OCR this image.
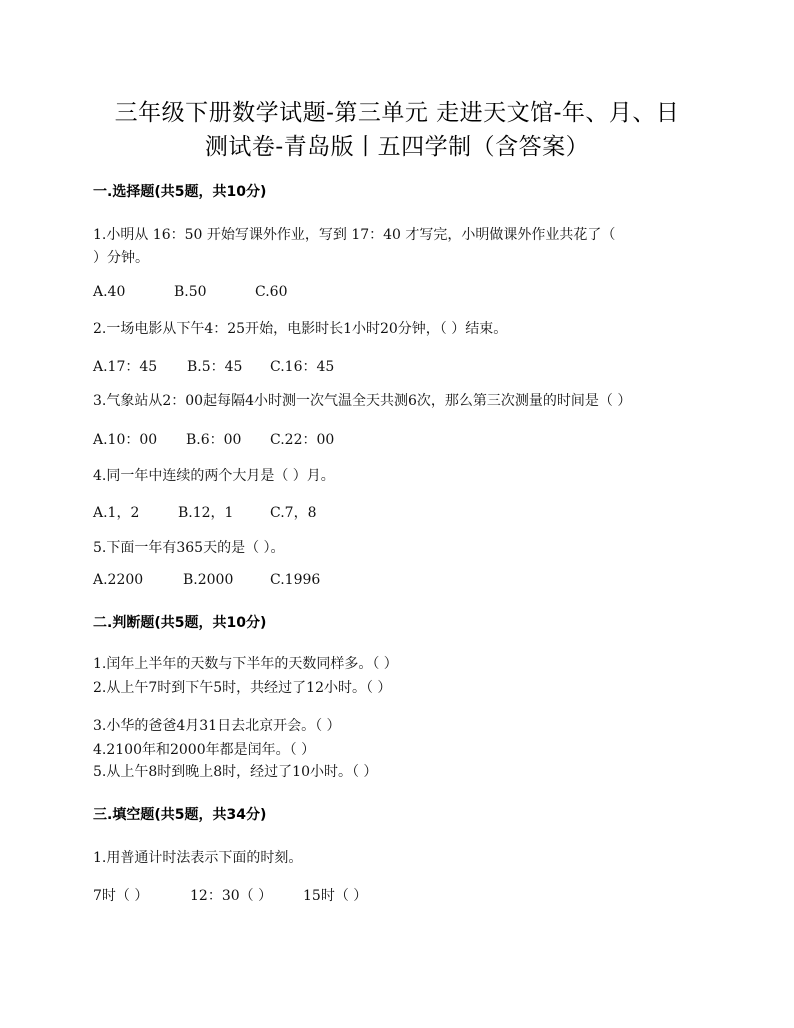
三年级下册数学试题-第三单元 走进天文馆-年、月、日
测试卷-青岛版丨五四学制（含答案）
一.选择题(共5题，共10分)
1.小明从 16：50 开始写课外作业，写到 17：40 才写完，小明做课外作业共花了（
）分钟。
A.40	B.50	C.60
2.一场电影从下午4：25开始，电影时长1小时20分钟，（ ）结束。
A.17：45 B.5：45 C.16：45
3.气象站从2：00起每隔4小时测一次气温全天共测6次，那么第三次测量的时间是（ ）
A.10：00 B.6：00 C.22：00
4.同一年中连续的两个大月是（ ）月。
A.1，2	B.12，1	C.7，8
5.下面一年有365天的是（ ）。
A.2200	B.2000	C.1996
二.判断题(共5题，共10分)
1.闰年上半年的天数与下半年的天数同样多。（ ）
2.从上午7时到下午5时，共经过了12小时。（ ）
3.小华的爸爸4月31日去北京开会。（ ）
4.2100年和2000年都是闰年。（ ）
5.从上午8时到晚上8时，经过了10小时。（ ）
三.填空题(共5题，共34分)
1.用普通计时法表示下面的时刻。
7时（ ）	12：30（ ） 15时（ ）
